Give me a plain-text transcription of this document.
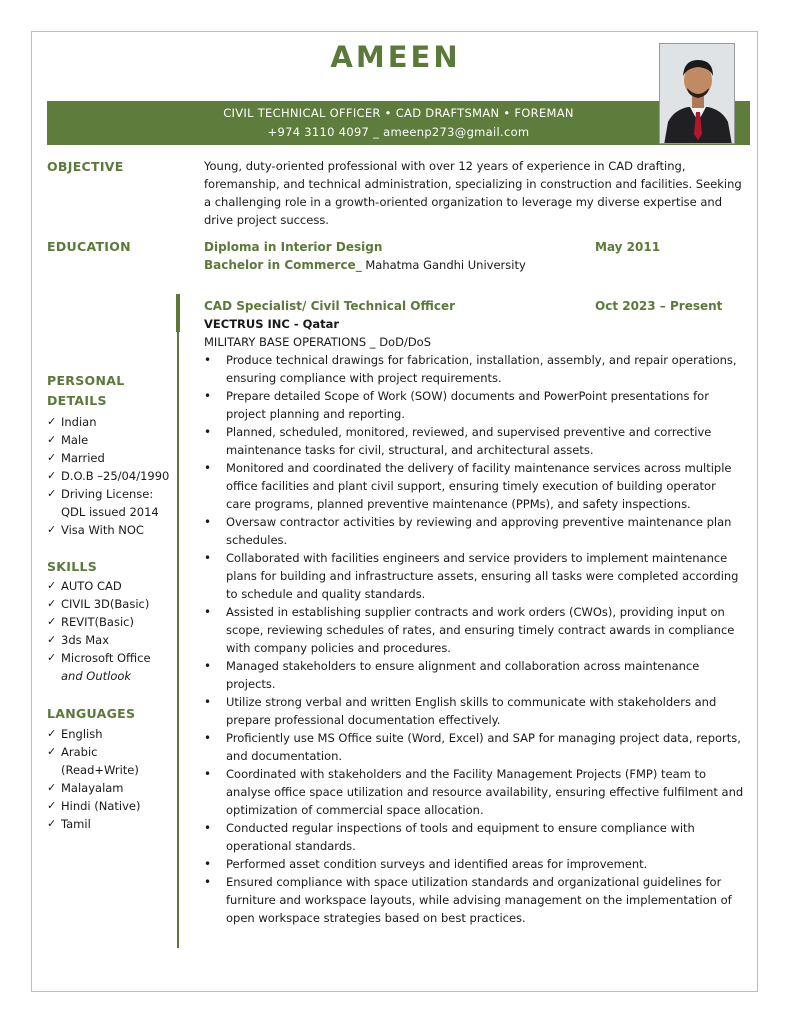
AMEEN
CIVIL TECHNICAL OFFICER • CAD DRAFTSMAN • FOREMAN
+974 3110 4097 _ ameenp273@gmail.com
OBJECTIVE	Young, duty-oriented professional with over 12 years of experience in CAD drafting, foremanship, and technical administration, specializing in construction and facilities. Seeking a challenging role in a growth-oriented organization to leverage my diverse expertise and drive project success.
EDUCATION	Diploma in Interior Design	May 2011
Bachelor in Commerce_ Mahatma Gandhi University
CAD Specialist/ Civil Technical Officer	Oct 2023 – Present
VECTRUS INC - Qatar
MILITARY BASE OPERATIONS _ DoD/DoS
• Produce technical drawings for fabrication, installation, assembly, and repair operations, ensuring compliance with project requirements.
• Prepare detailed Scope of Work (SOW) documents and PowerPoint presentations for project planning and reporting.
• Planned, scheduled, monitored, reviewed, and supervised preventive and corrective maintenance tasks for civil, structural, and architectural assets.
• Monitored and coordinated the delivery of facility maintenance services across multiple office facilities and plant civil support, ensuring timely execution of building operator care programs, planned preventive maintenance (PPMs), and safety inspections.
• Oversaw contractor activities by reviewing and approving preventive maintenance plan schedules.
• Collaborated with facilities engineers and service providers to implement maintenance plans for building and infrastructure assets, ensuring all tasks were completed according to schedule and quality standards.
• Assisted in establishing supplier contracts and work orders (CWOs), providing input on scope, reviewing schedules of rates, and ensuring timely contract awards in compliance with company policies and procedures.
• Managed stakeholders to ensure alignment and collaboration across maintenance projects.
• Utilize strong verbal and written English skills to communicate with stakeholders and prepare professional documentation effectively.
• Proficiently use MS Office suite (Word, Excel) and SAP for managing project data, reports, and documentation.
• Coordinated with stakeholders and the Facility Management Projects (FMP) team to analyse office space utilization and resource availability, ensuring effective fulfilment and optimization of commercial space allocation.
• Conducted regular inspections of tools and equipment to ensure compliance with operational standards.
• Performed asset condition surveys and identified areas for improvement.
• Ensured compliance with space utilization standards and organizational guidelines for furniture and workspace layouts, while advising management on the implementation of open workspace strategies based on best practices.
PERSONAL
DETAILS
✓ Indian
✓ Male
✓ Married
✓ D.O.B –25/04/1990
✓ Driving License:
QDL issued 2014
✓ Visa With NOC
SKILLS
✓ AUTO CAD
✓ CIVIL 3D(Basic)
✓ REVIT(Basic)
✓ 3ds Max
✓ Microsoft Office
and Outlook
LANGUAGES
✓ English
✓ Arabic
(Read+Write)
✓ Malayalam
✓ Hindi (Native)
✓ Tamil
